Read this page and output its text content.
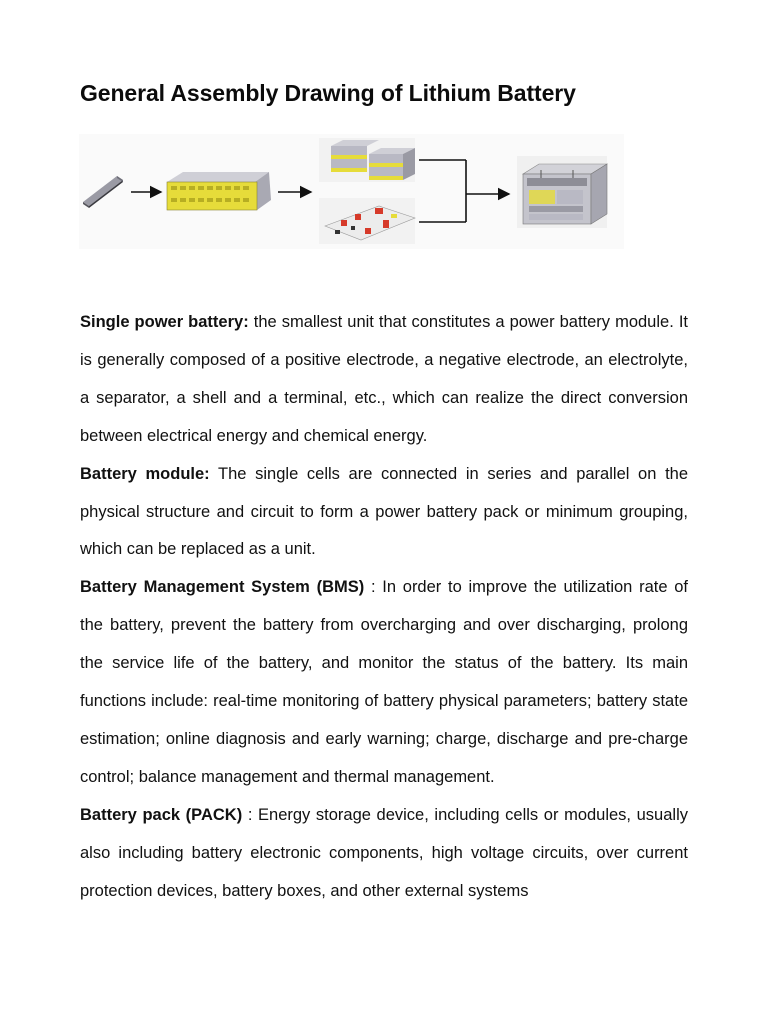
General Assembly Drawing of Lithium Battery

Single power battery: the smallest unit that constitutes a power battery module. It is generally composed of a positive electrode, a negative electrode, an electrolyte, a separator, a shell and a terminal, etc., which can realize the direct conversion between electrical energy and chemical energy.

Battery module: The single cells are connected in series and parallel on the physical structure and circuit to form a power battery pack or minimum grouping, which can be replaced as a unit.

Battery Management System (BMS) : In order to improve the utilization rate of the battery, prevent the battery from overcharging and over discharging, prolong the service life of the battery, and monitor the status of the battery. Its main functions include: real-time monitoring of battery physical parameters; battery state estimation; online diagnosis and early warning; charge, discharge and pre-charge control; balance management and thermal management.

Battery pack (PACK) : Energy storage device, including cells or modules, usually also including battery electronic components, high voltage circuits, over current protection devices, battery boxes, and other external systems
